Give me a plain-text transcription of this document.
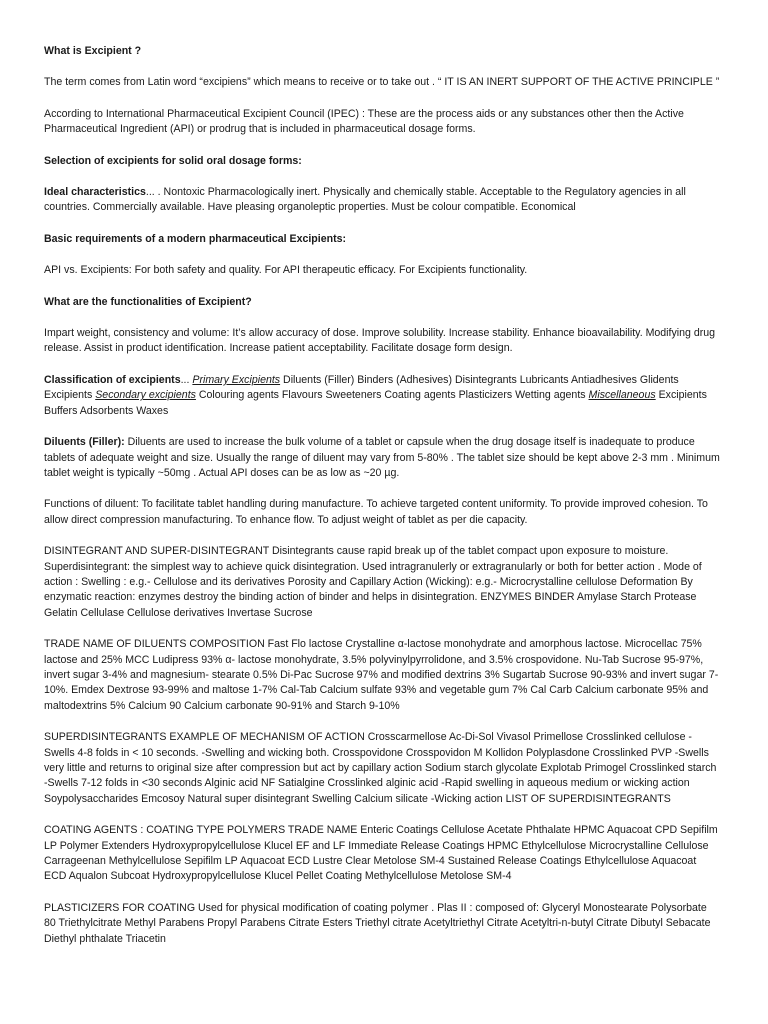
What is Excipient ?

The term comes from Latin word “excipiens” which means to receive or to take out . “ IT IS AN INERT SUPPORT OF THE ACTIVE PRINCIPLE ”

According to International Pharmaceutical Excipient Council (IPEC) : These are the process aids or any substances other then the Active Pharmaceutical Ingredient (API) or prodrug that is included in pharmaceutical dosage forms.

Selection of excipients for solid oral dosage forms:

Ideal characteristics... . Nontoxic Pharmacologically inert. Physically and chemically stable. Acceptable to the Regulatory agencies in all countries. Commercially available. Have pleasing organoleptic properties. Must be colour compatible. Economical

Basic requirements of a modern pharmaceutical Excipients:

API vs. Excipients: For both safety and quality. For API therapeutic efficacy. For Excipients functionality.

What are the functionalities of Excipient?

Impart weight, consistency and volume: It’s allow accuracy of dose. Improve solubility. Increase stability. Enhance bioavailability. Modifying drug release. Assist in product identification. Increase patient acceptability. Facilitate dosage form design.

Classification of excipients... Primary Excipients Diluents (Filler) Binders (Adhesives) Disintegrants Lubricants Antiadhesives Glidents Excipients Secondary excipients Colouring agents Flavours Sweeteners Coating agents Plasticizers Wetting agents Miscellaneous Excipients Buffers Adsorbents Waxes

Diluents (Filler): Diluents are used to increase the bulk volume of a tablet or capsule when the drug dosage itself is inadequate to produce tablets of adequate weight and size. Usually the range of diluent may vary from 5-80% . The tablet size should be kept above 2-3 mm . Minimum tablet weight is typically ~50mg . Actual API doses can be as low as ~20 µg.

Functions of diluent: To facilitate tablet handling during manufacture. To achieve targeted content uniformity. To provide improved cohesion. To allow direct compression manufacturing. To enhance flow. To adjust weight of tablet as per die capacity.

DISINTEGRANT AND SUPER-DISINTEGRANT Disintegrants cause rapid break up of the tablet compact upon exposure to moisture. Superdisintegrant: the simplest way to achieve quick disintegration. Used intragranulerly or extragranularly or both for better action . Mode of action : Swelling : e.g.- Cellulose and its derivatives Porosity and Capillary Action (Wicking): e.g.- Microcrystalline cellulose Deformation By enzymatic reaction: enzymes destroy the binding action of binder and helps in disintegration. ENZYMES BINDER Amylase Starch Protease Gelatin Cellulase Cellulose derivatives Invertase Sucrose

TRADE NAME OF DILUENTS COMPOSITION Fast Flo lactose Crystalline α-lactose monohydrate and amorphous lactose. Microcellac 75% lactose and 25% MCC Ludipress 93% α- lactose monohydrate, 3.5% polyvinylpyrrolidone, and 3.5% crospovidone. Nu-Tab Sucrose 95-97%, invert sugar 3-4% and magnesium- stearate 0.5% Di-Pac Sucrose 97% and modified dextrins 3% Sugartab Sucrose 90-93% and invert sugar 7-10%. Emdex Dextrose 93-99% and maltose 1-7% Cal-Tab Calcium sulfate 93% and vegetable gum 7% Cal Carb Calcium carbonate 95% and maltodextrins 5% Calcium 90 Calcium carbonate 90-91% and Starch 9-10%

SUPERDISINTEGRANTS EXAMPLE OF MECHANISM OF ACTION Crosscarmellose Ac-Di-Sol Vivasol Primellose Crosslinked cellulose -Swells 4-8 folds in < 10 seconds. -Swelling and wicking both. Crosspovidone Crosspovidon M Kollidon Polyplasdone Crosslinked PVP -Swells very little and returns to original size after compression but act by capillary action Sodium starch glycolate Explotab Primogel Crosslinked starch -Swells 7-12 folds in <30 seconds Alginic acid NF Satialgine Crosslinked alginic acid -Rapid swelling in aqueous medium or wicking action Soypolysaccharides Emcosoy Natural super disintegrant Swelling Calcium silicate -Wicking action LIST OF SUPERDISINTEGRANTS

COATING AGENTS : COATING TYPE POLYMERS TRADE NAME Enteric Coatings Cellulose Acetate Phthalate HPMC Aquacoat CPD Sepifilm LP Polymer Extenders Hydroxypropylcellulose Klucel EF and LF Immediate Release Coatings HPMC Ethylcellulose Microcrystalline Cellulose Carrageenan Methylcellulose Sepifilm LP Aquacoat ECD Lustre Clear Metolose SM-4 Sustained Release Coatings Ethylcellulose Aquacoat ECD Aqualon Subcoat Hydroxypropylcellulose Klucel Pellet Coating Methylcellulose Metolose SM-4

PLASTICIZERS FOR COATING Used for physical modification of coating polymer . Plas II : composed of: Glyceryl Monostearate Polysorbate 80 Triethylcitrate Methyl Parabens Propyl Parabens Citrate Esters Triethyl citrate Acetyltriethyl Citrate Acetyltri-n-butyl Citrate Dibutyl Sebacate Diethyl phthalate Triacetin
